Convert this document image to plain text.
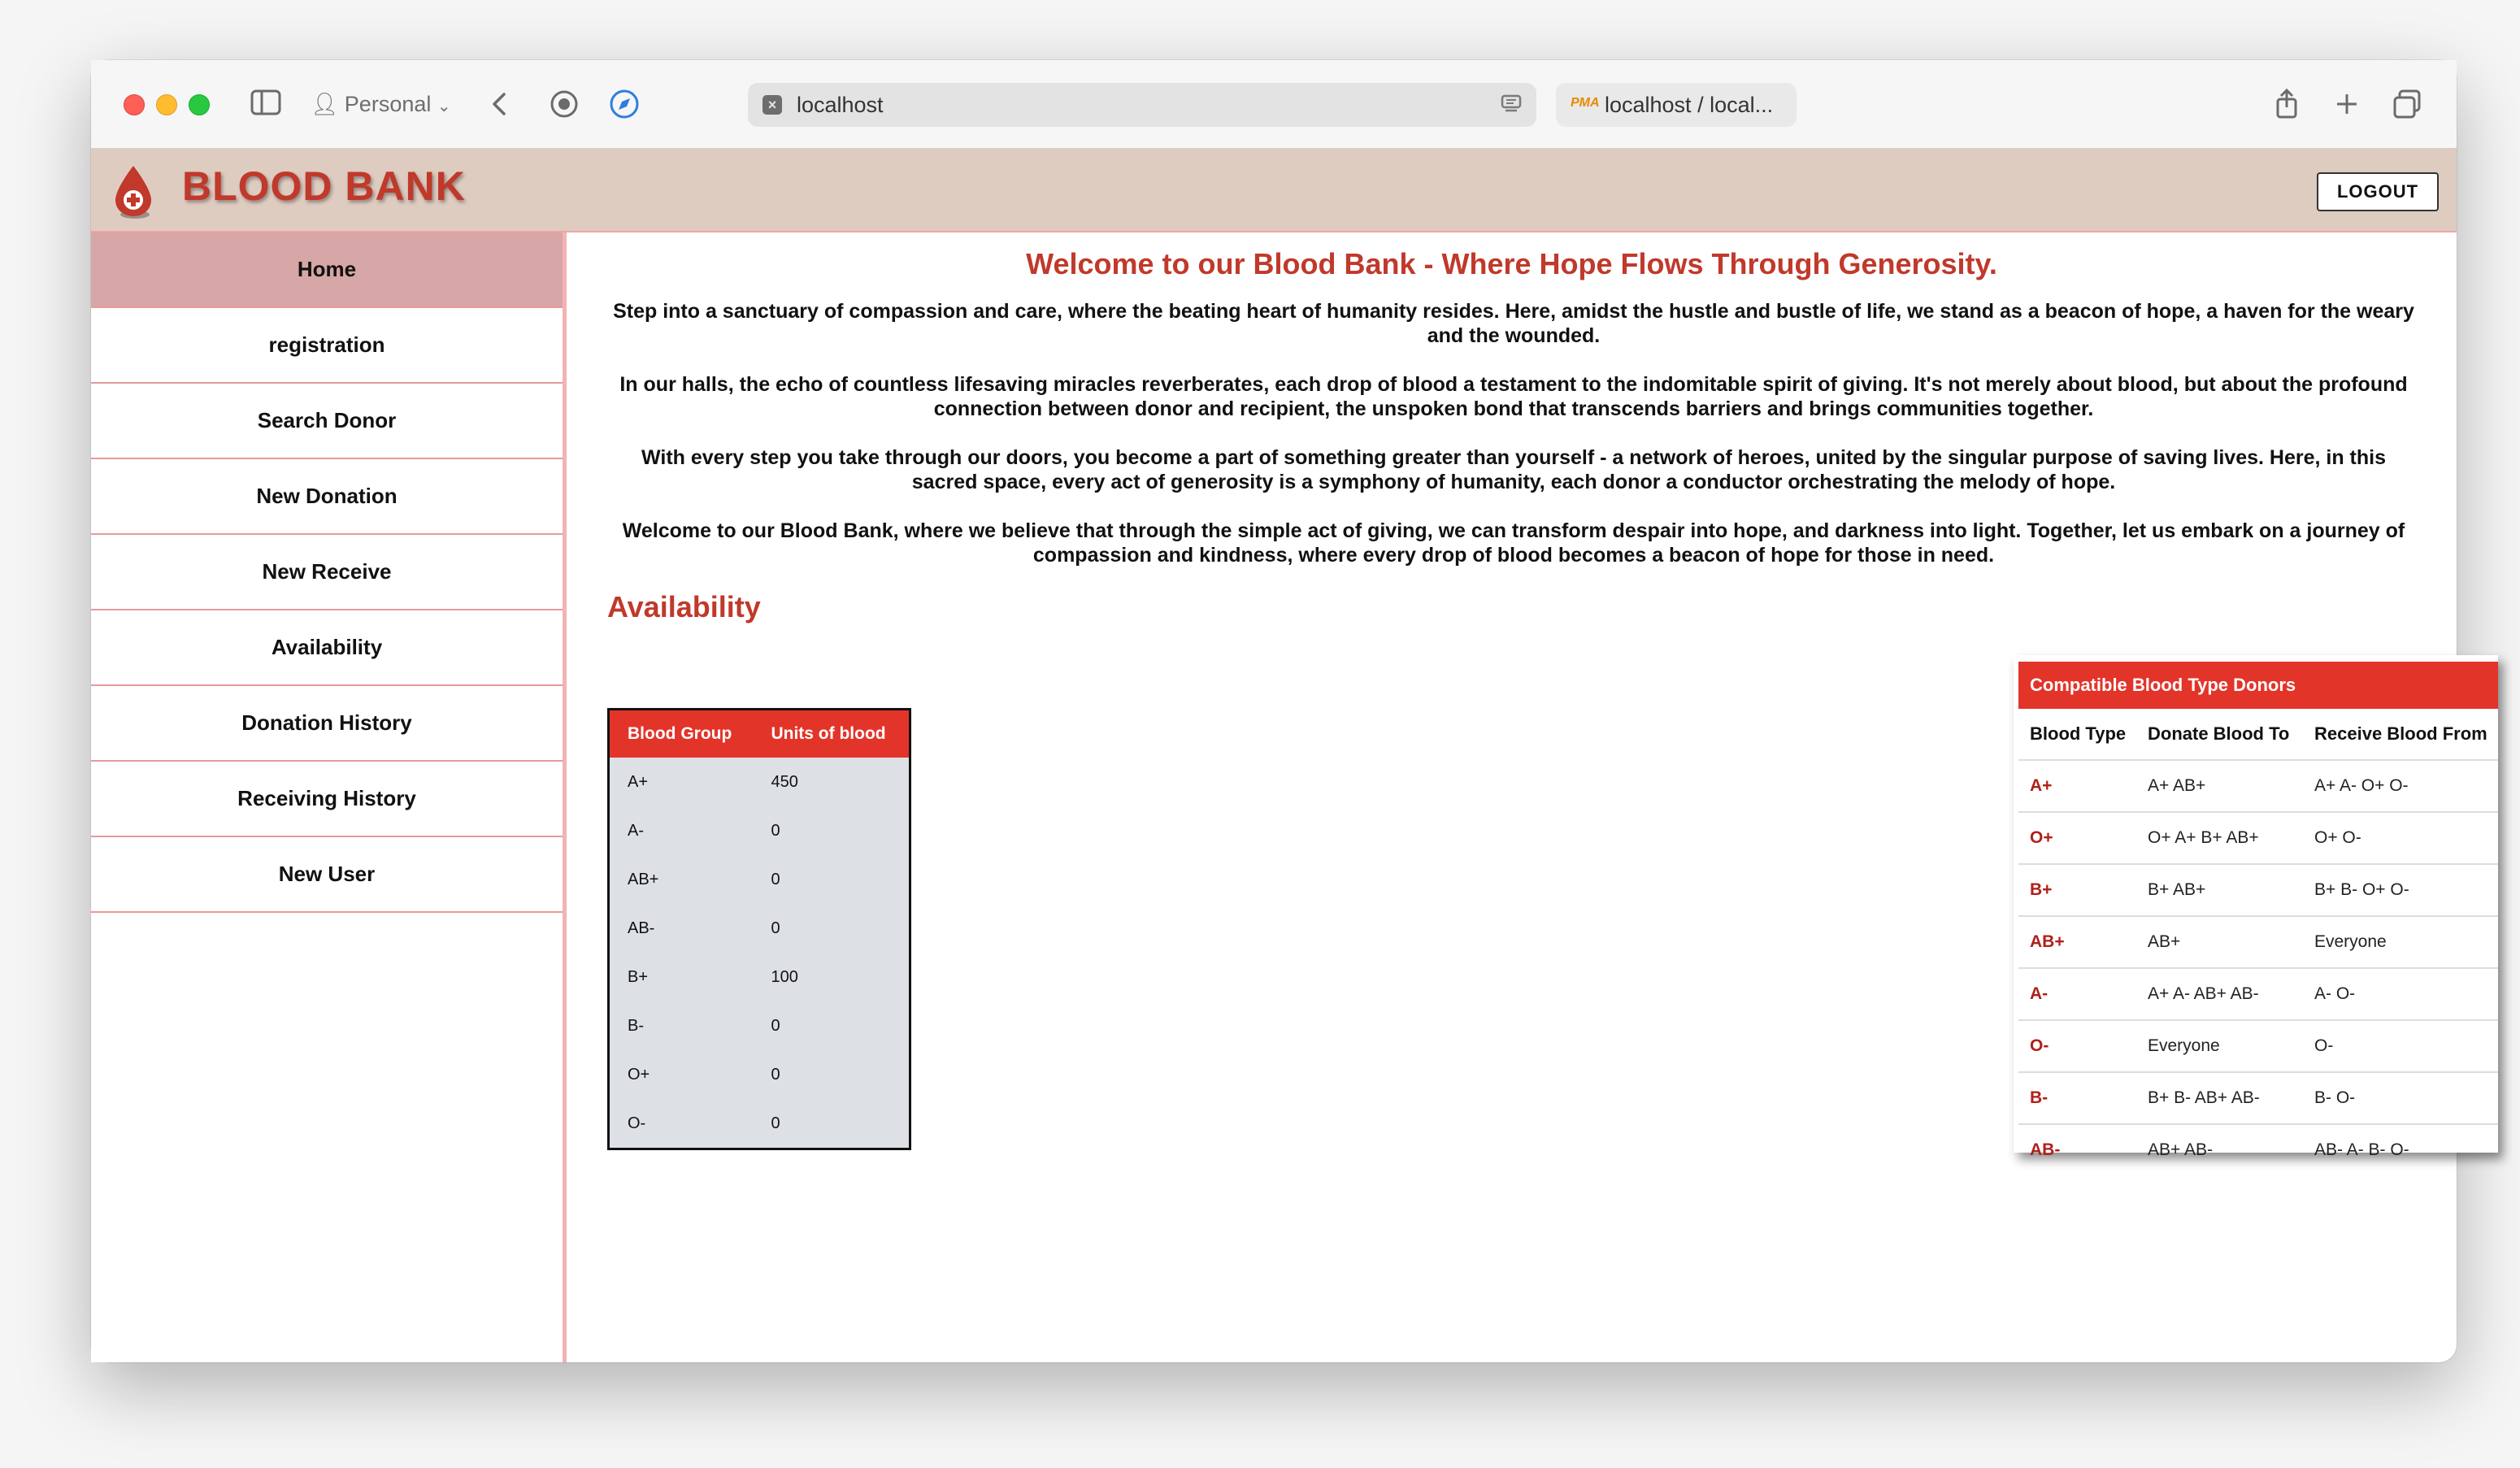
👤︎ Personal ⌄	× localhost	PMA localhost / local...
BLOOD BANK	LOGOUT
Home
registration
Search Donor
New Donation
New Receive
Availability
Donation History
Receiving History
New User
Welcome to our Blood Bank - Where Hope Flows Through Generosity.
Step into a sanctuary of compassion and care, where the beating heart of humanity resides. Here, amidst the hustle and bustle of life, we stand as a beacon of hope, a haven for the weary and the wounded.
In our halls, the echo of countless lifesaving miracles reverberates, each drop of blood a testament to the indomitable spirit of giving. It's not merely about blood, but about the profound connection between donor and recipient, the unspoken bond that transcends barriers and brings communities together.
With every step you take through our doors, you become a part of something greater than yourself - a network of heroes, united by the singular purpose of saving lives. Here, in this sacred space, every act of generosity is a symphony of humanity, each donor a conductor orchestrating the melody of hope.
Welcome to our Blood Bank, where we believe that through the simple act of giving, we can transform despair into hope, and darkness into light. Together, let us embark on a journey of compassion and kindness, where every drop of blood becomes a beacon of hope for those in need.
Availability
Blood Group	Units of blood
A+	450
A-	0
AB+	0
AB-	0
B+	100
B-	0
O+	0
O-	0
Compatible Blood Type Donors
Blood Type	Donate Blood To	Receive Blood From
A+	A+ AB+	A+ A- O+ O-
O+	O+ A+ B+ AB+	O+ O-
B+	B+ AB+	B+ B- O+ O-
AB+	AB+	Everyone
A-	A+ A- AB+ AB-	A- O-
O-	Everyone	O-
B-	B+ B- AB+ AB-	B- O-
AB-	AB+ AB-	AB- A- B- O-
